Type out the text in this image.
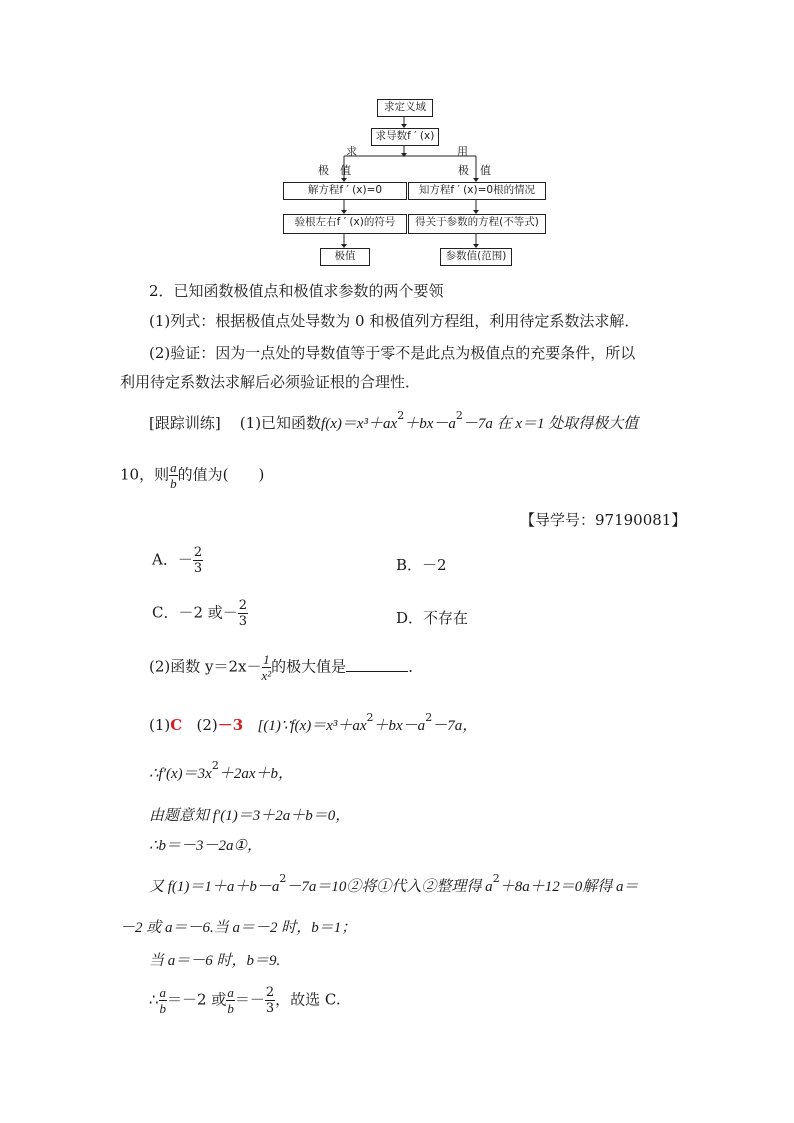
求定义域
求导数f ′ (x)
求	用
极　值	极　值
解方程f ′ (x)=0	知方程f ′ (x)=0根的情况
验根左右f ′ (x)的符号	得关于参数的方程(不等式)
极值	参数值(范围)
2．已知函数极值点和极值求参数的两个要领
(1)列式：根据极值点处导数为 0 和极值列方程组，利用待定系数法求解．
(2)验证：因为一点处的导数值等于零不是此点为极值点的充要条件，所以
利用待定系数法求解后必须验证根的合理性．
[跟踪训练] (1)已知函数$f(x)=x^3+ax^2+bx-a^2-7a$ 在 x＝1 处取得极大值
10，则 $\frac{a}{b}$ 的值为( )
【导学号：97190081】
A．－ $\frac{2}{3}$	B．－2
C．－2 或－ $\frac{2}{3}$	D．不存在
(2)函数 $y=2x- \frac{1}{\text{x²}}$ 的极大值是	．
(1)C (2)－3 [$(1)\because f(x)=x^3+ax^2+bx-a^2-7a$，
$\therefore f'(x)=3x^2+2ax+b$，
由题意知 f′(1)＝3＋2a＋b＝0，
∴b＝－3－2a①，
又 $f(1)=1+a+b-a^2-7a=10②$将①代入②整理得 $a^2+8a+12=0$解得 a＝
－2 或 a＝－6.当 a＝－2 时，b＝1；
当 a＝－6 时，b＝9.
∴ $\frac{a}{b} =-2$ 或 $\frac{a}{b} =- \frac{2}{3}$ ，故选 C.
